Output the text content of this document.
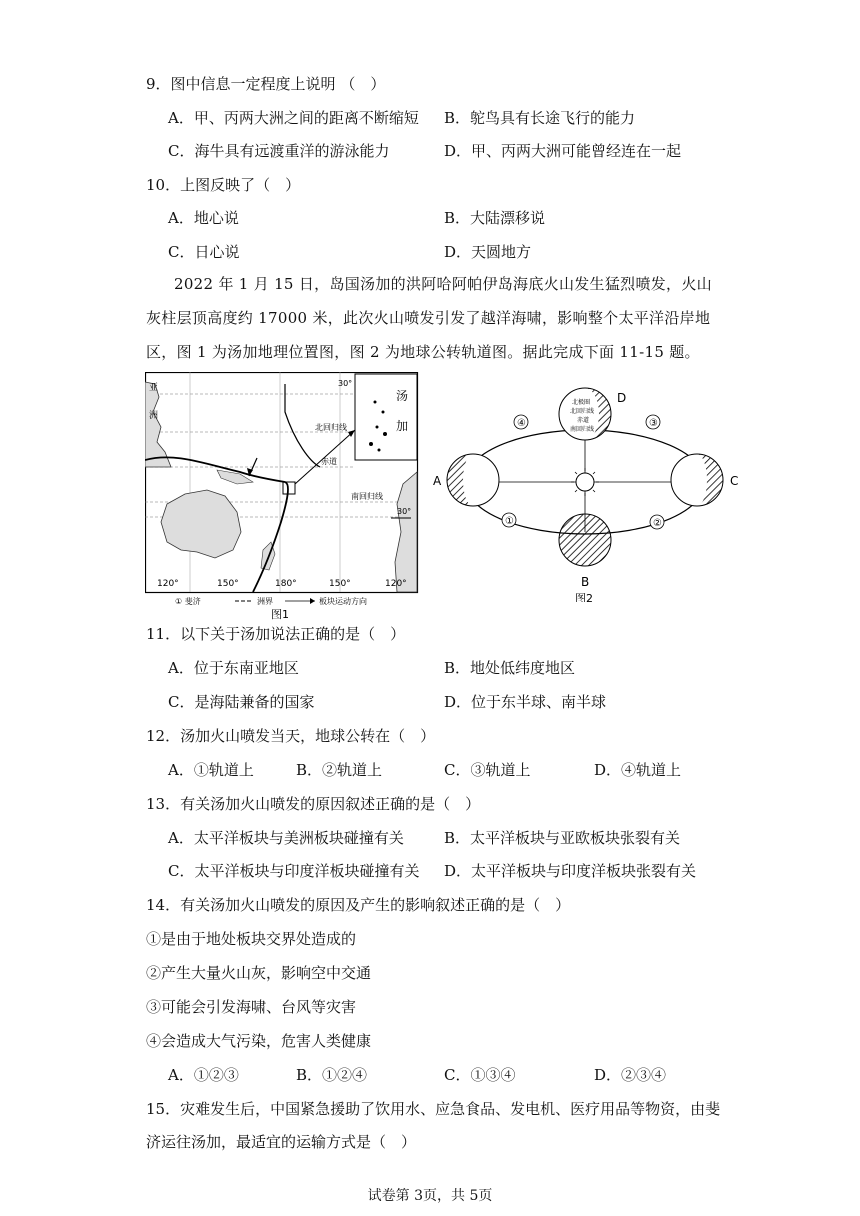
9．图中信息一定程度上说明 （　）
A．甲、丙两大洲之间的距离不断缩短 B．鸵鸟具有长途飞行的能力
C．海牛具有远渡重洋的游泳能力	D．甲、丙两大洲可能曾经连在一起
10．上图反映了（　）
A．地心说	B．大陆漂移说
C．日心说	D．天圆地方
2022 年 1 月 15 日，岛国汤加的洪阿哈阿帕伊岛海底火山发生猛烈喷发，火山灰柱层顶高度约 17000 米，此次火山喷发引发了越洋海啸，影响整个太平洋沿岸地区，图 1 为汤加地理位置图，图 2 为地球公转轨道图。据此完成下面 11-15 题。
汤
加
亚
洲
30°
北回归线
赤道
南回归线
30°
120°	150°	180°	150°	120°
① 斐济	洲界	板块运动方向
图1
北极圈
北回归线
赤道
南回归线
D
A	C
B
①	②
③
④
图2
11．以下关于汤加说法正确的是（　）
A．位于东南亚地区	B．地处低纬度地区
C．是海陆兼备的国家	D．位于东半球、南半球
12．汤加火山喷发当天，地球公转在（　）
A．①轨道上	B．②轨道上	C．③轨道上	D．④轨道上
13．有关汤加火山喷发的原因叙述正确的是（　）
A．太平洋板块与美洲板块碰撞有关	B．太平洋板块与亚欧板块张裂有关
C．太平洋板块与印度洋板块碰撞有关 D．太平洋板块与印度洋板块张裂有关
14．有关汤加火山喷发的原因及产生的影响叙述正确的是（　）
①是由于地处板块交界处造成的
②产生大量火山灰，影响空中交通
③可能会引发海啸、台风等灾害
④会造成大气污染，危害人类健康
A．①②③	B．①②④	C．①③④	D．②③④
15．灾难发生后，中国紧急援助了饮用水、应急食品、发电机、医疗用品等物资，由斐
济运往汤加，最适宜的运输方式是（　）
试卷第 3页，共 5页
